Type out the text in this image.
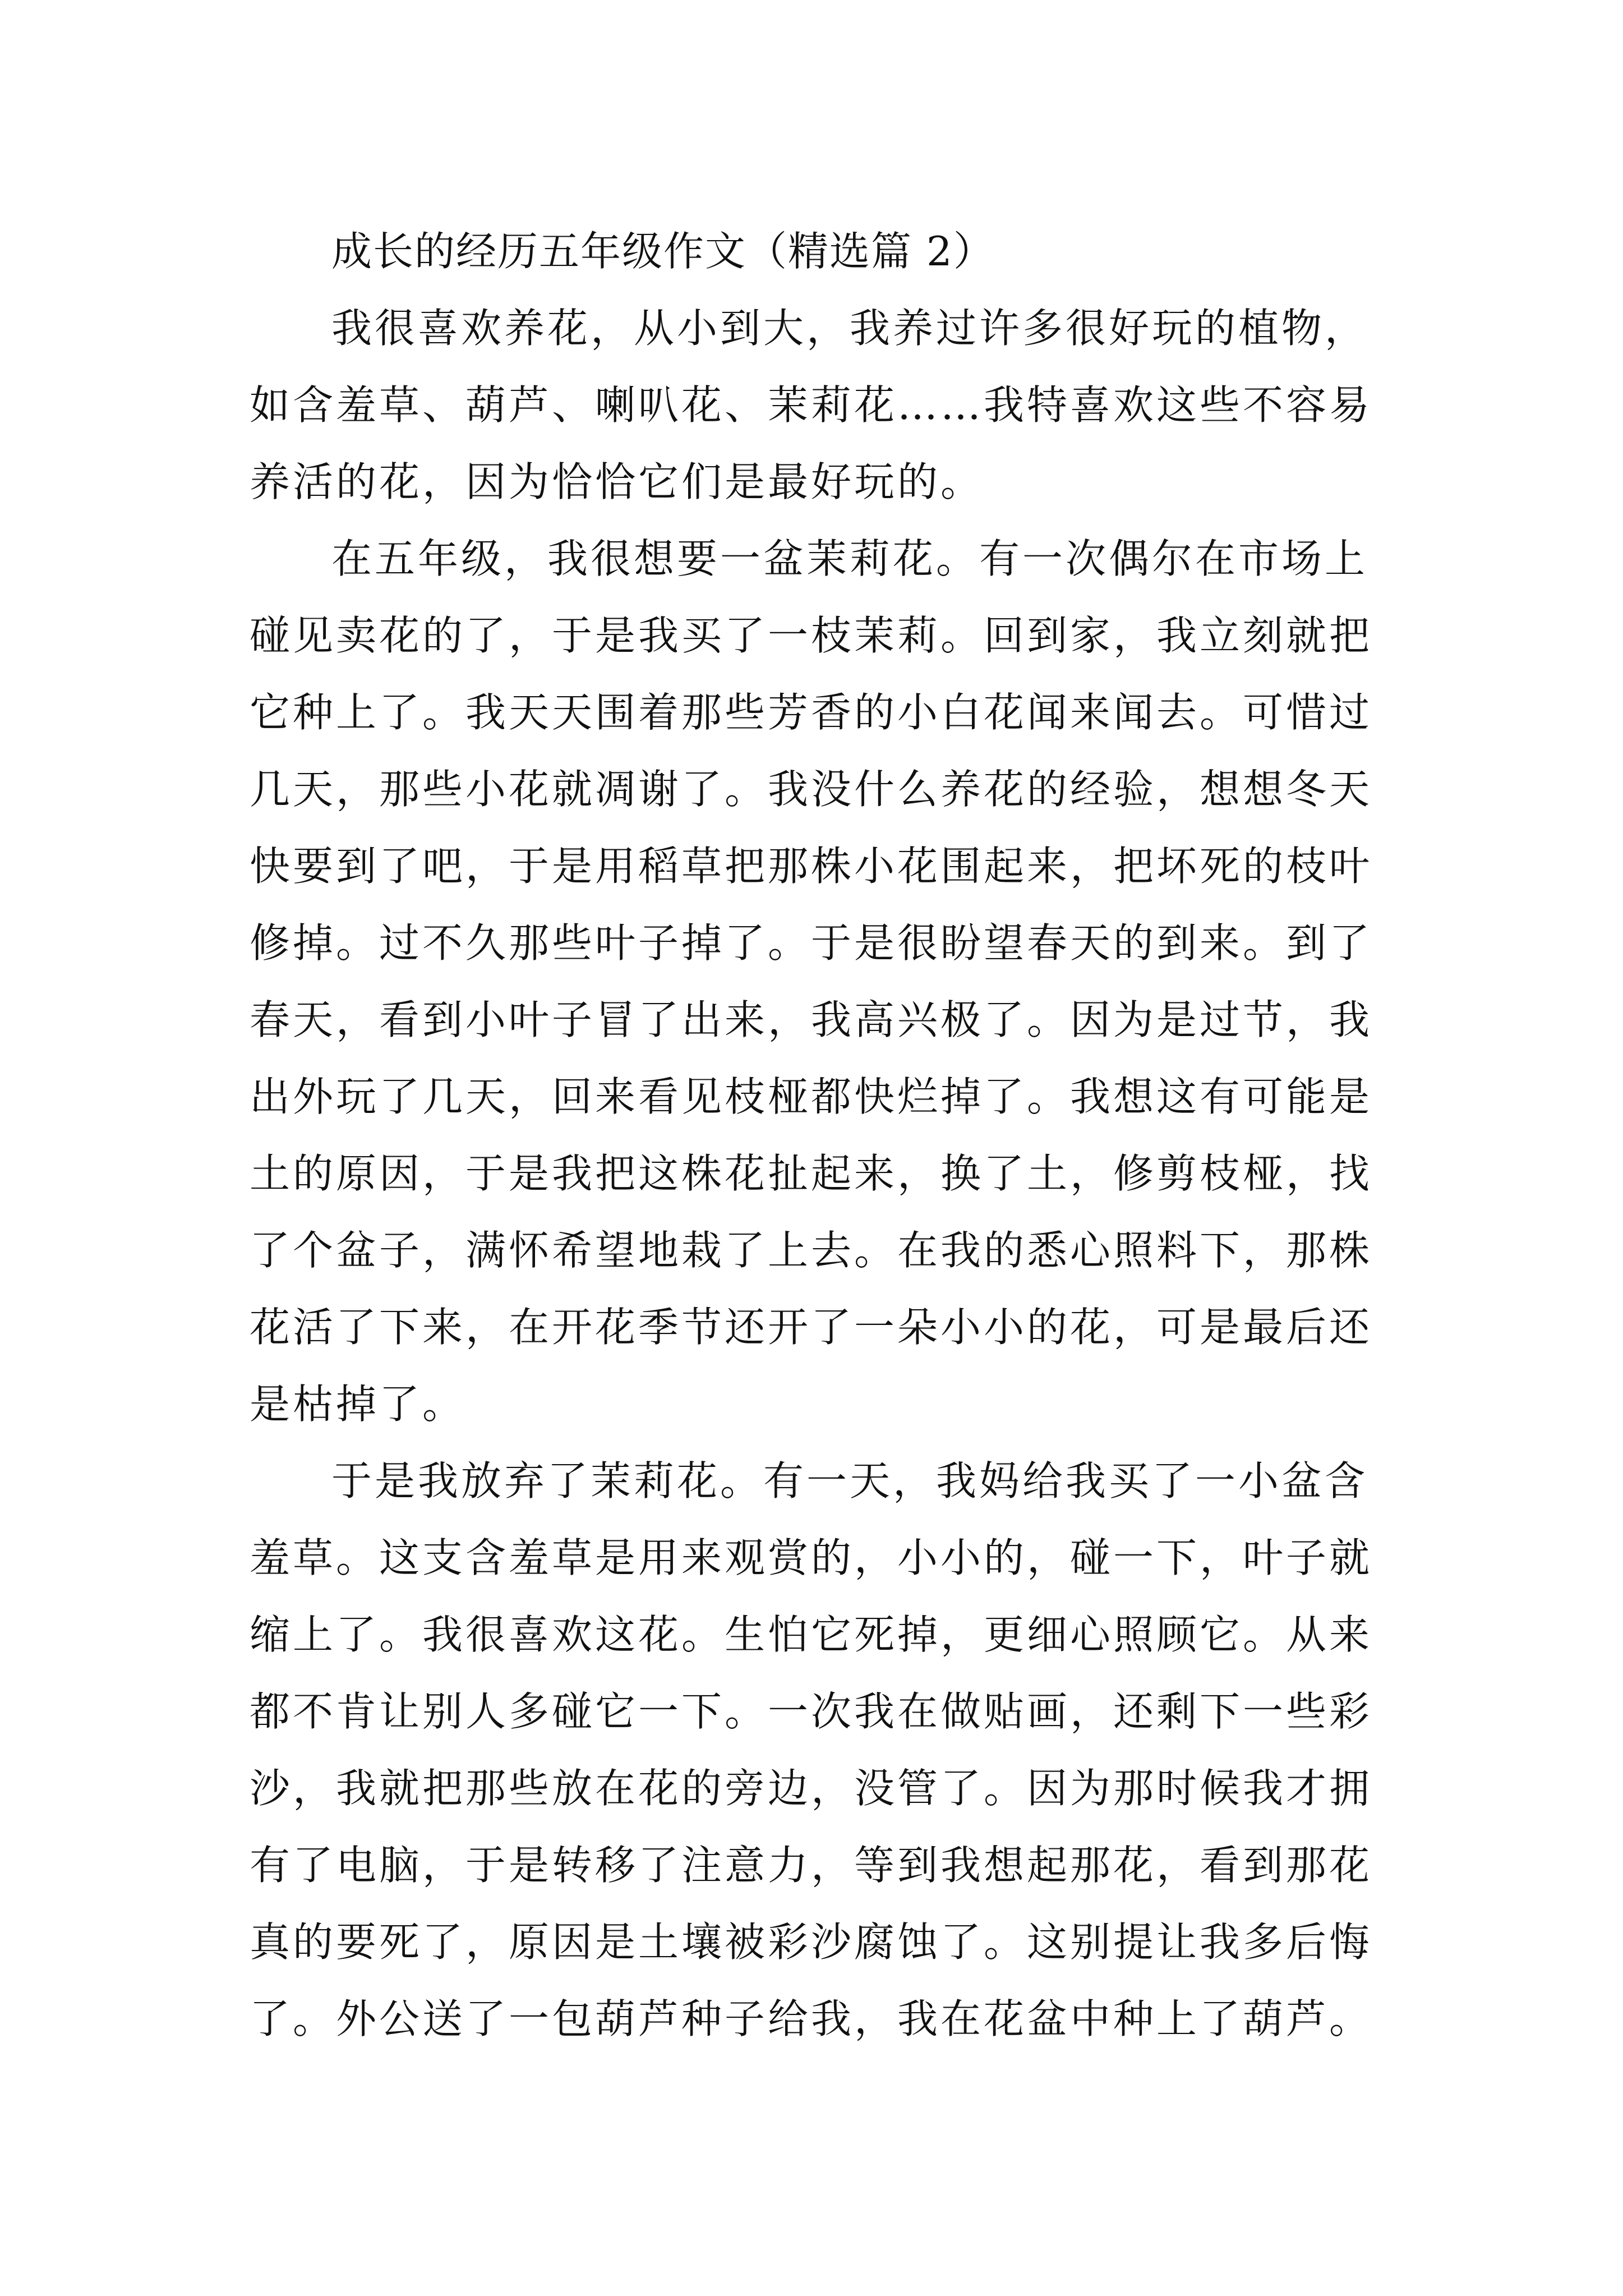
成长的经历五年级作文（精选篇 2）

我很喜欢养花，从小到大，我养过许多很好玩的植物，

如含羞草、葫芦、喇叭花、茉莉花……我特喜欢这些不容易

养活的花，因为恰恰它们是最好玩的。

在五年级，我很想要一盆茉莉花。有一次偶尔在市场上

碰见卖花的了，于是我买了一枝茉莉。回到家，我立刻就把

它种上了。我天天围着那些芳香的小白花闻来闻去。可惜过

几天，那些小花就凋谢了。我没什么养花的经验，想想冬天

快要到了吧，于是用稻草把那株小花围起来，把坏死的枝叶

修掉。过不久那些叶子掉了。于是很盼望春天的到来。到了

春天，看到小叶子冒了出来，我高兴极了。因为是过节，我

出外玩了几天，回来看见枝桠都快烂掉了。我想这有可能是

土的原因，于是我把这株花扯起来，换了土，修剪枝桠，找

了个盆子，满怀希望地栽了上去。在我的悉心照料下，那株

花活了下来，在开花季节还开了一朵小小的花，可是最后还

是枯掉了。

于是我放弃了茉莉花。有一天，我妈给我买了一小盆含

羞草。这支含羞草是用来观赏的，小小的，碰一下，叶子就

缩上了。我很喜欢这花。生怕它死掉，更细心照顾它。从来

都不肯让别人多碰它一下。一次我在做贴画，还剩下一些彩

沙，我就把那些放在花的旁边，没管了。因为那时候我才拥

有了电脑，于是转移了注意力，等到我想起那花，看到那花

真的要死了，原因是土壤被彩沙腐蚀了。这别提让我多后悔

了。外公送了一包葫芦种子给我，我在花盆中种上了葫芦。
